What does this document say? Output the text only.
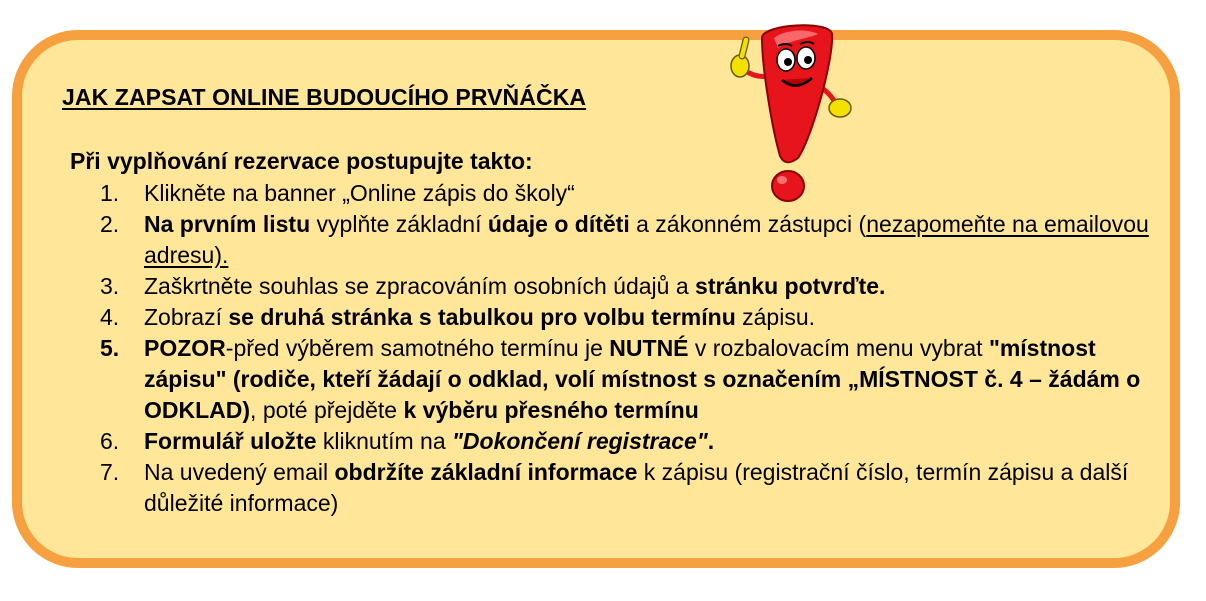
JAK ZAPSAT ONLINE BUDOUCÍHO PRVŇÁČKA
Při vyplňování rezervace postupujte takto:
1. Klikněte na banner „Online zápis do školy“
2. Na prvním listu vyplňte základní údaje o dítěti a zákonném zástupci (nezapomeňte na emailovou adresu).
3. Zaškrtněte souhlas se zpracováním osobních údajů a stránku potvrďte.
4. Zobrazí se druhá stránka s tabulkou pro volbu termínu zápisu.
5. POZOR-před výběrem samotného termínu je NUTNÉ v rozbalovacím menu vybrat "místnost zápisu" (rodiče, kteří žádají o odklad, volí místnost s označením „MÍSTNOST č. 4 – žádám o ODKLAD), poté přejděte k výběru přesného termínu
6. Formulář uložte kliknutím na "Dokončení registrace".
7. Na uvedený email obdržíte základní informace k zápisu (registrační číslo, termín zápisu a další důležité informace)
